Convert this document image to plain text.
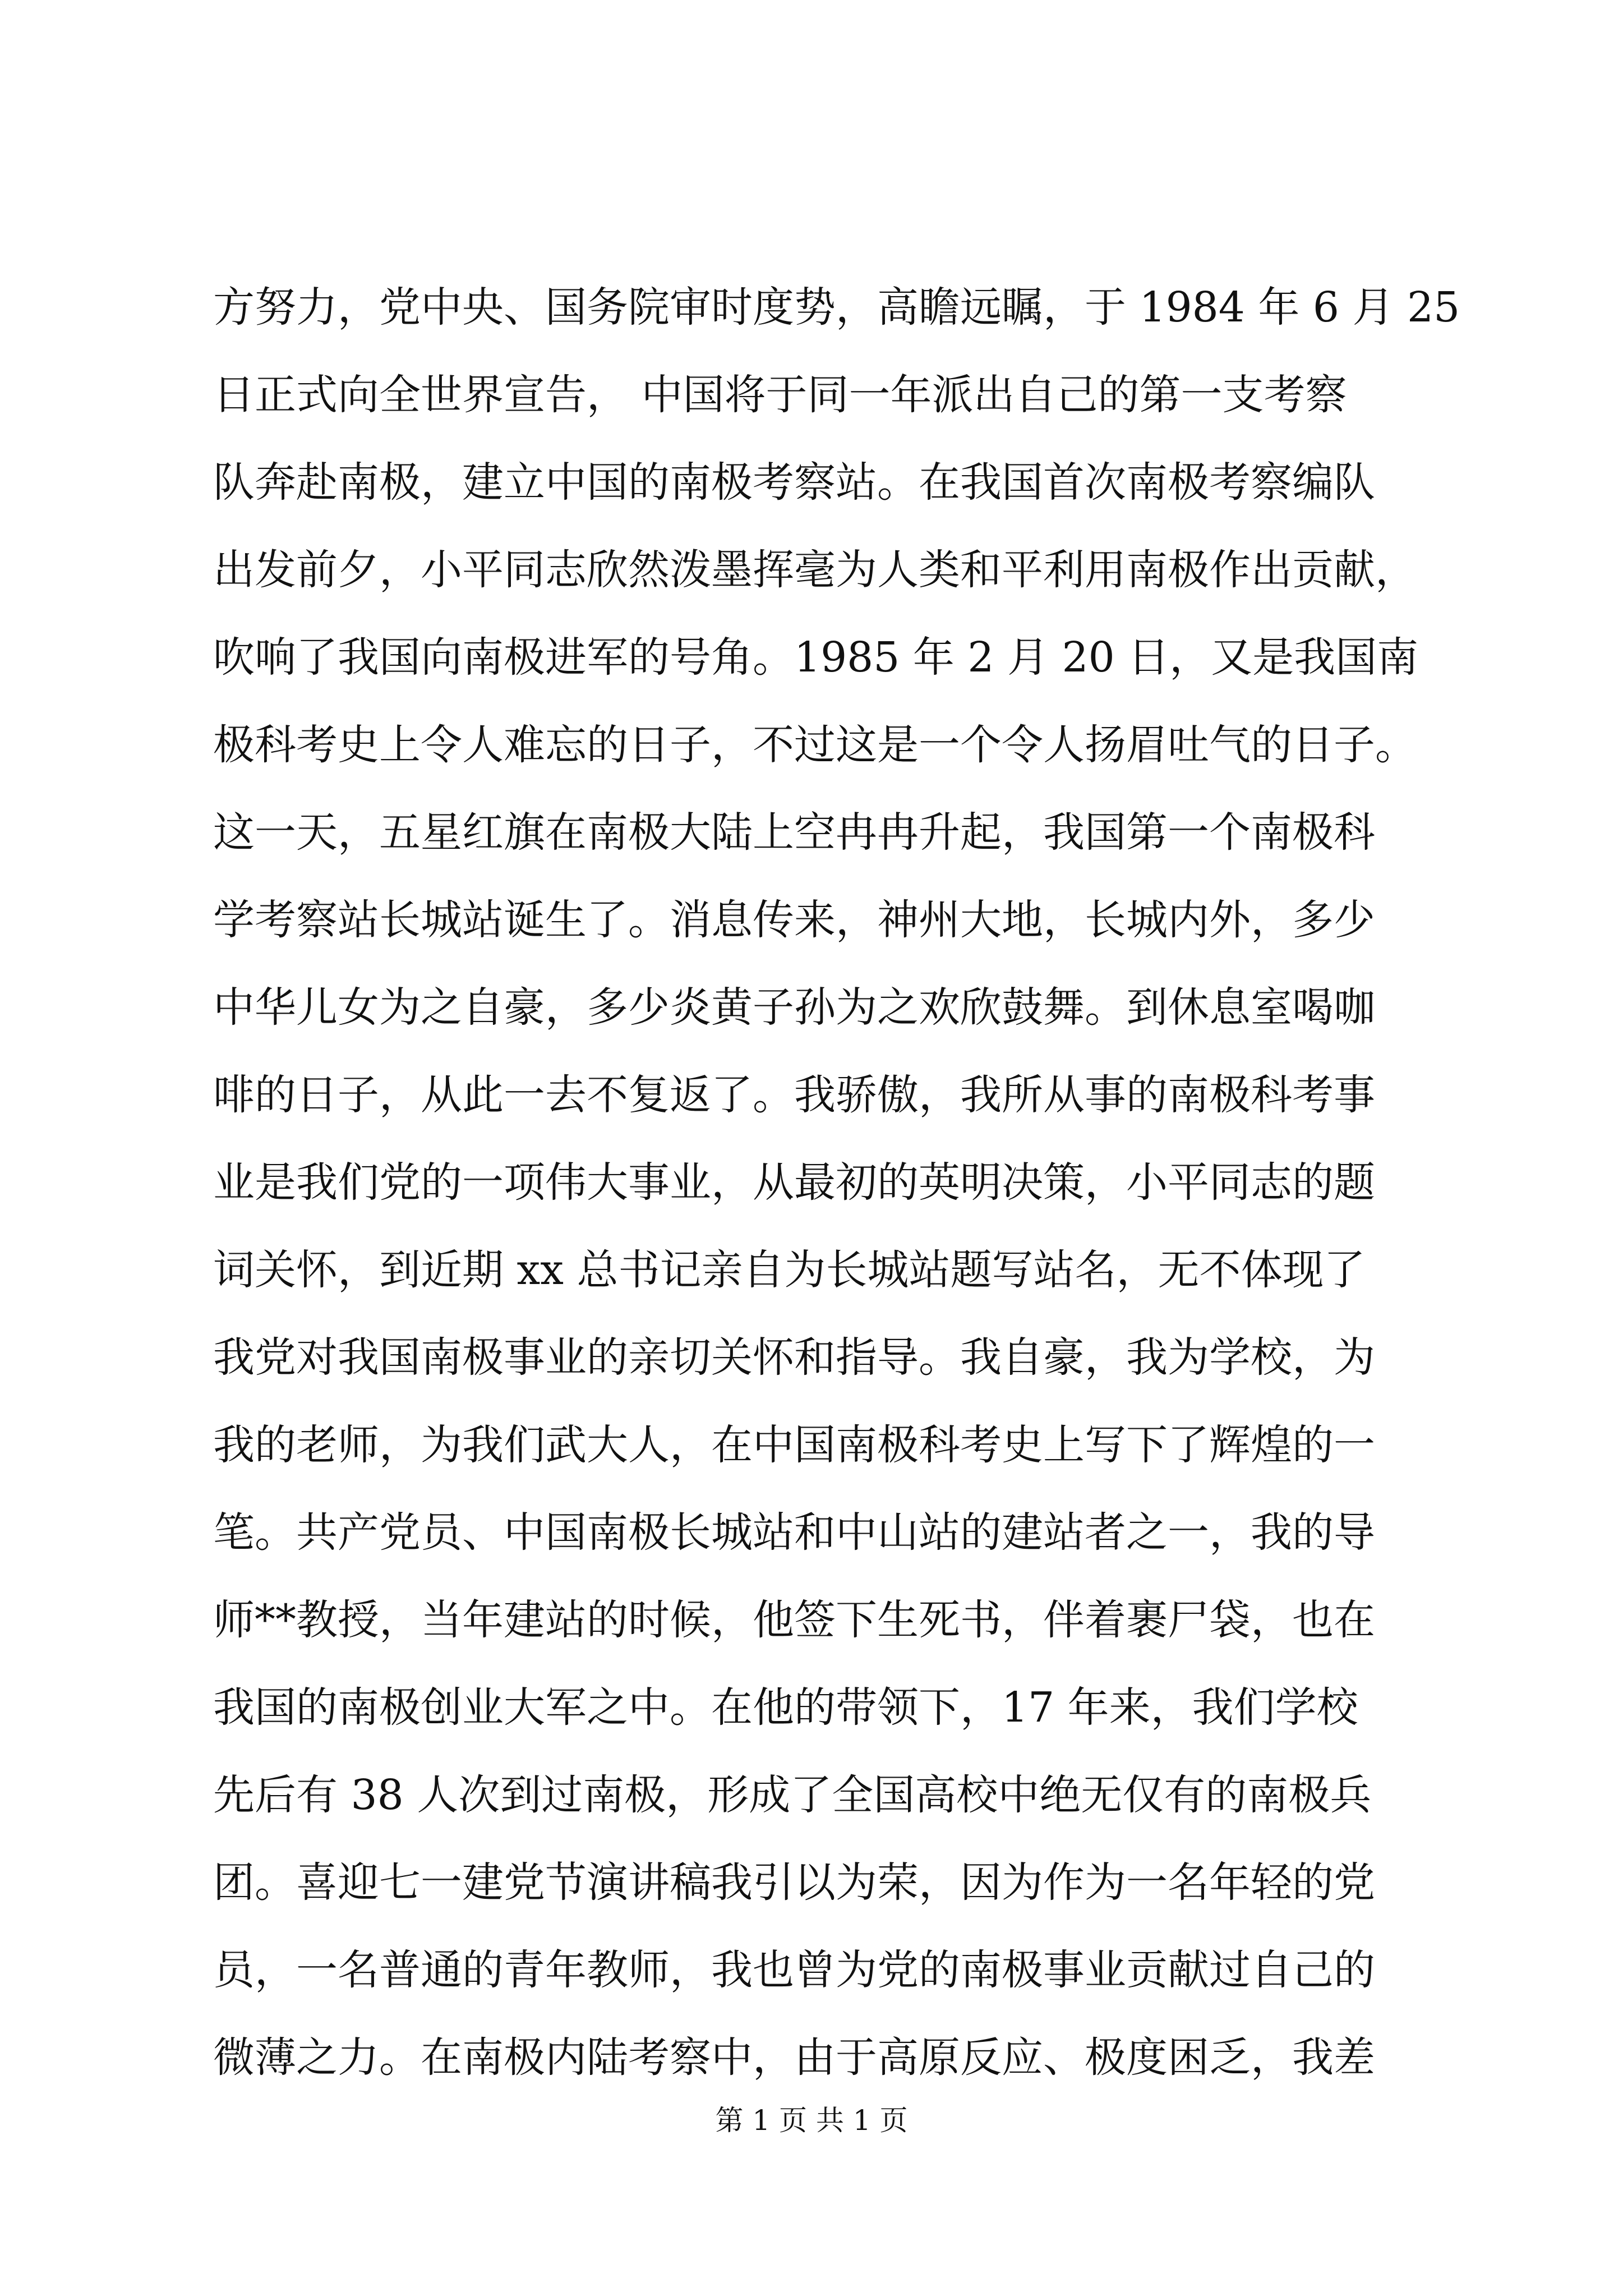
方努力，党中央、国务院审时度势，高瞻远瞩，于 1984 年 6 月 25
日正式向全世界宣告， 中国将于同一年派出自己的第一支考察
队奔赴南极，建立中国的南极考察站。在我国首次南极考察编队
出发前夕，小平同志欣然泼墨挥毫为人类和平利用南极作出贡献，
吹响了我国向南极进军的号角。1985 年 2 月 20 日，又是我国南
极科考史上令人难忘的日子，不过这是一个令人扬眉吐气的日子。
这一天，五星红旗在南极大陆上空冉冉升起，我国第一个南极科
学考察站长城站诞生了。消息传来，神州大地，长城内外，多少
中华儿女为之自豪，多少炎黄子孙为之欢欣鼓舞。到休息室喝咖
啡的日子，从此一去不复返了。我骄傲，我所从事的南极科考事
业是我们党的一项伟大事业，从最初的英明决策，小平同志的题
词关怀，到近期 xx 总书记亲自为长城站题写站名，无不体现了
我党对我国南极事业的亲切关怀和指导。我自豪，我为学校，为
我的老师，为我们武大人，在中国南极科考史上写下了辉煌的一
笔。共产党员、中国南极长城站和中山站的建站者之一，我的导
师**教授，当年建站的时候，他签下生死书，伴着裹尸袋，也在
我国的南极创业大军之中。在他的带领下，17 年来，我们学校
先后有 38 人次到过南极，形成了全国高校中绝无仅有的南极兵
团。喜迎七一建党节演讲稿我引以为荣，因为作为一名年轻的党
员，一名普通的青年教师，我也曾为党的南极事业贡献过自己的
微薄之力。在南极内陆考察中，由于高原反应、极度困乏，我差
第 1 页 共 1 页
